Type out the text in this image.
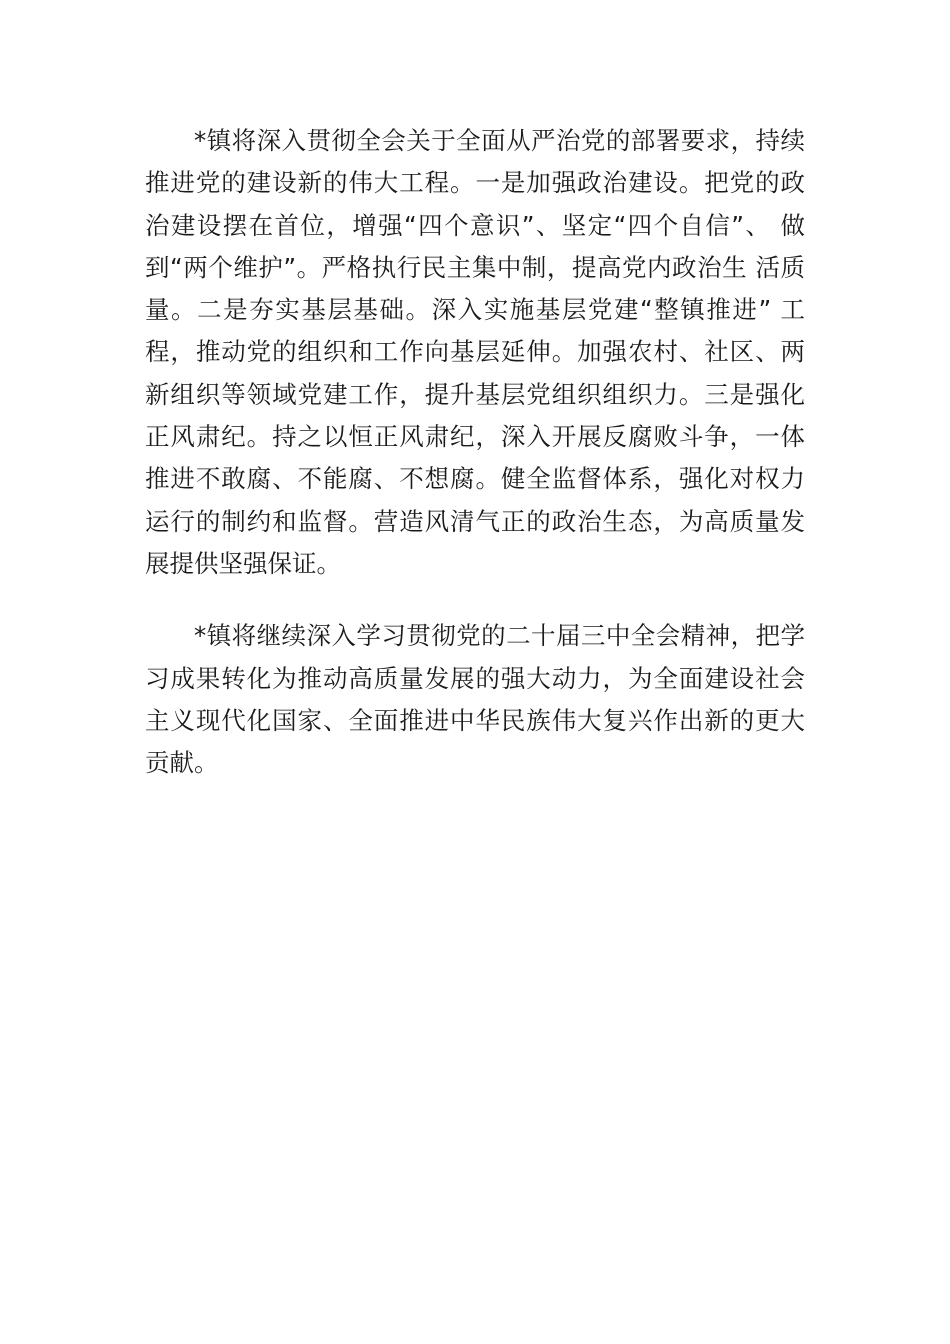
*镇将深入贯彻全会关于全面从严治党的部署要求，持续推进党的建设新的伟大工程。一是加强政治建设。把党的政治建设摆在首位，增强“四个意识”、坚定“四个自信”、 做到“两个维护”。严格执行民主集中制，提高党内政治生 活质量。二是夯实基层基础。深入实施基层党建“整镇推进” 工程，推动党的组织和工作向基层延伸。加强农村、社区、两新组织等领域党建工作，提升基层党组织组织力。三是强化正风肃纪。持之以恒正风肃纪，深入开展反腐败斗争，一体推进不敢腐、不能腐、不想腐。健全监督体系，强化对权力运行的制约和监督。营造风清气正的政治生态，为高质量发展提供坚强保证。

*镇将继续深入学习贯彻党的二十届三中全会精神，把学习成果转化为推动高质量发展的强大动力，为全面建设社会主义现代化国家、全面推进中华民族伟大复兴作出新的更大贡献。
